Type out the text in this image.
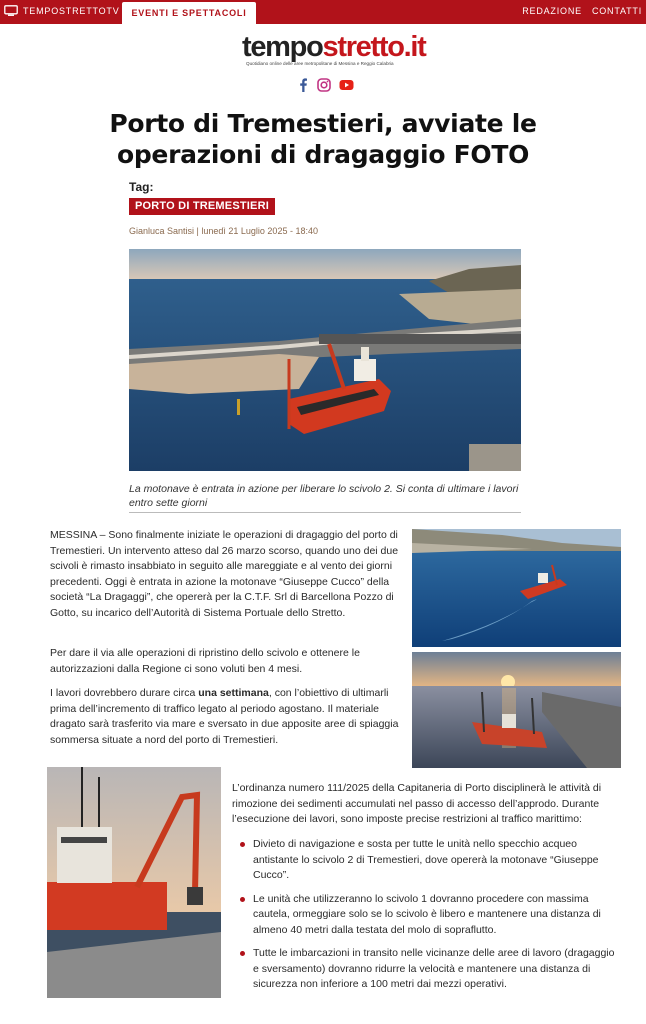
TEMPOSTRETTOTV	EVENTI E SPETTACOLI	REDAZIONE CONTATTI
tempostretto.it
Quotidiano online delle aree metropolitane di Messina e Reggio Calabria
Porto di Tremestieri, avviate le operazioni di dragaggio FOTO
Tag:
PORTO DI TREMESTIERI
Gianluca Santisi | lunedì 21 Luglio 2025 - 18:40
La motonave è entrata in azione per liberare lo scivolo 2. Si conta di ultimare i lavori entro sette giorni

MESSINA – Sono finalmente iniziate le operazioni di dragaggio del porto di Tremestieri. Un intervento atteso dal 26 marzo scorso, quando uno dei due scivoli è rimasto insabbiato in seguito alle mareggiate e al vento dei giorni precedenti. Oggi è entrata in azione la motonave “Giuseppe Cucco” della società “La Dragaggi”, che opererà per la C.T.F. Srl di Barcellona Pozzo di Gotto, su incarico dell’Autorità di Sistema Portuale dello Stretto.

Per dare il via alle operazioni di ripristino dello scivolo e ottenere le autorizzazioni dalla Regione ci sono voluti ben 4 mesi.

I lavori dovrebbero durare circa una settimana, con l’obiettivo di ultimarli prima dell’incremento di traffico legato al periodo agostano. Il materiale dragato sarà trasferito via mare e sversato in due apposite aree di spiaggia sommersa situate a nord del porto di Tremestieri.

L’ordinanza numero 111/2025 della Capitaneria di Porto disciplinerà le attività di rimozione dei sedimenti accumulati nel passo di accesso dell’approdo. Durante l’esecuzione dei lavori, sono imposte precise restrizioni al traffico marittimo:

Divieto di navigazione e sosta per tutte le unità nello specchio acqueo antistante lo scivolo 2 di Tremestieri, dove opererà la motonave “Giuseppe Cucco”.
Le unità che utilizzeranno lo scivolo 1 dovranno procedere con massima cautela, ormeggiare solo se lo scivolo è libero e mantenere una distanza di almeno 40 metri dalla testata del molo di sopraflutto.
Tutte le imbarcazioni in transito nelle vicinanze delle aree di lavoro (dragaggio e sversamento) dovranno ridurre la velocità e mantenere una distanza di sicurezza non inferiore a 100 metri dai mezzi operativi.
